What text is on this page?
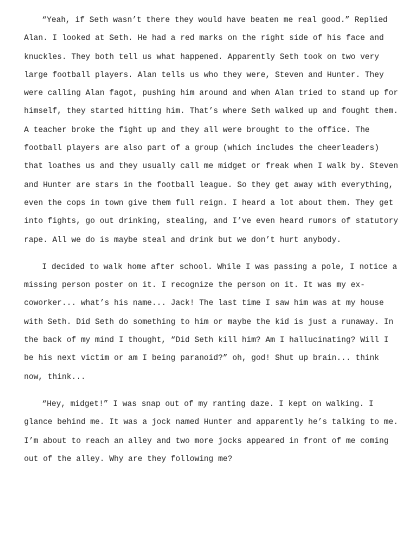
“Yeah, if Seth wasn’t there they would have beaten me real good.” Replied Alan. I looked at Seth. He had a red marks on the right side of his face and knuckles. They both tell us what happened. Apparently Seth took on two very large football players. Alan tells us who they were, Steven and Hunter. They were calling Alan fagot, pushing him around and when Alan tried to stand up for himself, they started hitting him. That’s where Seth walked up and fought them. A teacher broke the fight up and they all were brought to the office. The football players are also part of a group (which includes the cheerleaders) that loathes us and they usually call me midget or freak when I walk by. Steven and Hunter are stars in the football league. So they get away with everything, even the cops in town give them full reign. I heard a lot about them. They get into fights, go out drinking, stealing, and I’ve even heard rumors of statutory rape. All we do is maybe steal and drink but we don’t hurt anybody.

I decided to walk home after school. While I was passing a pole, I notice a missing person poster on it. I recognize the person on it. It was my ex-coworker... what’s his name... Jack! The last time I saw him was at my house with Seth. Did Seth do something to him or maybe the kid is just a runaway. In the back of my mind I thought, “Did Seth kill him? Am I hallucinating? Will I be his next victim or am I being paranoid?” oh, god! Shut up brain... think now, think...

“Hey, midget!” I was snap out of my ranting daze. I kept on walking. I glance behind me. It was a jock named Hunter and apparently he’s talking to me. I’m about to reach an alley and two more jocks appeared in front of me coming out of the alley. Why are they following me?
